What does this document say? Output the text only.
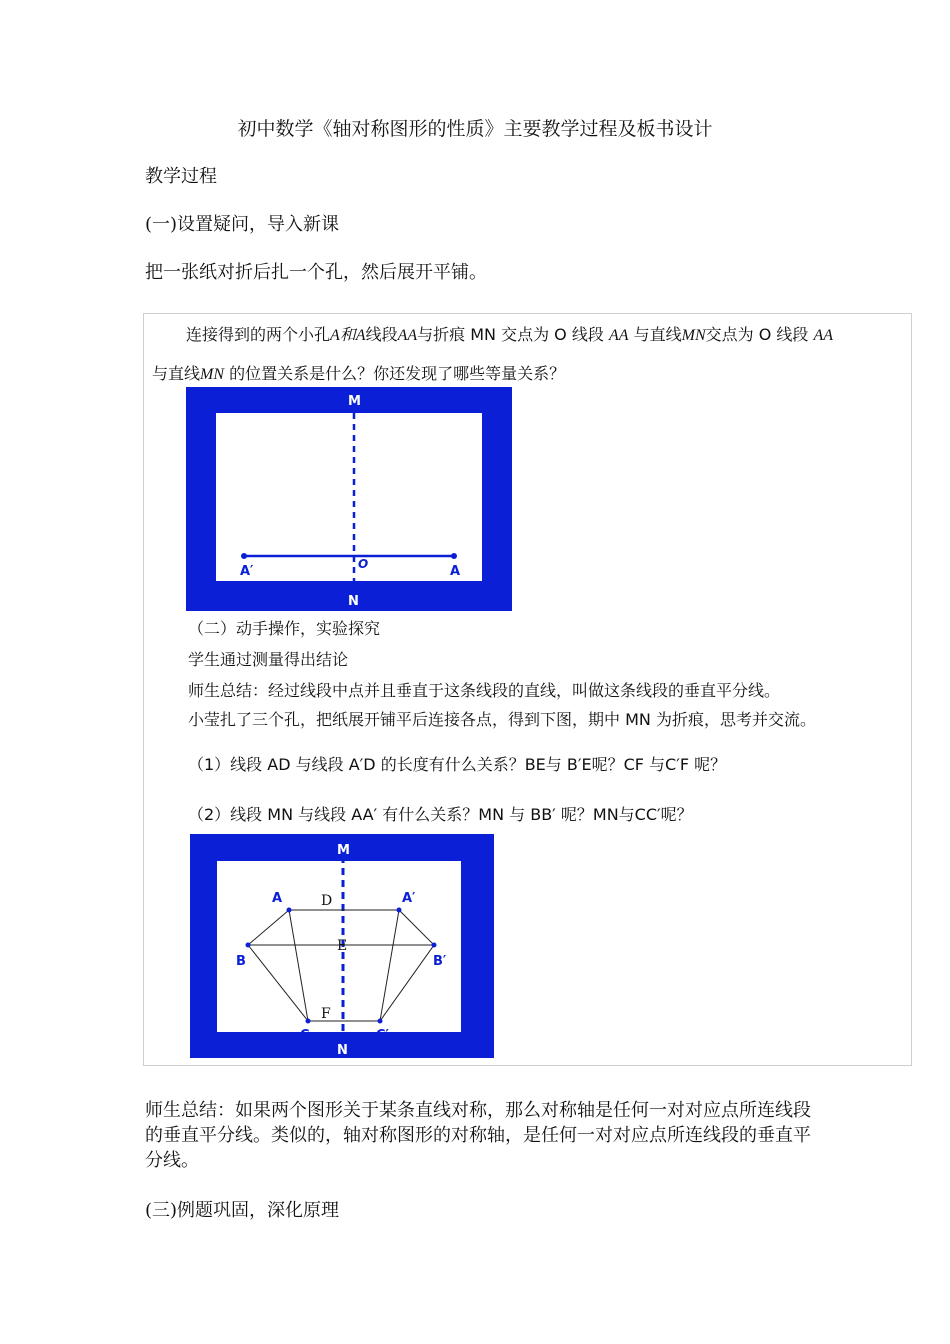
初中数学《轴对称图形的性质》主要教学过程及板书设计
教学过程
(一)设置疑问，导入新课
把一张纸对折后扎一个孔，然后展开平铺。
连接得到的两个小孔A和A线段AA与折痕 MN 交点为 O 线段 AA 与直线MN交点为 O 线段 AA
与直线MN 的位置关系是什么？你还发现了哪些等量关系？
M
N
O
A′	A
（二）动手操作，实验探究
学生通过测量得出结论
师生总结：经过线段中点并且垂直于这条线段的直线，叫做这条线段的垂直平分线。
小莹扎了三个孔，把纸展开铺平后连接各点，得到下图，期中 MN 为折痕，思考并交流。
（1）线段 AD 与线段 A′D 的长度有什么关系？BE与 B′E呢？CF 与C′F 呢？
（2）线段 MN 与线段 AA′ 有什么关系？MN 与 BB′ 呢？MN与CC′呢？
M
N
A	A′
B	B′
C	C′
D
E
F
师生总结：如果两个图形关于某条直线对称，那么对称轴是任何一对对应点所连线段的垂直平分线。类似的，轴对称图形的对称轴，是任何一对对应点所连线段的垂直平分线。
(三)例题巩固，深化原理
